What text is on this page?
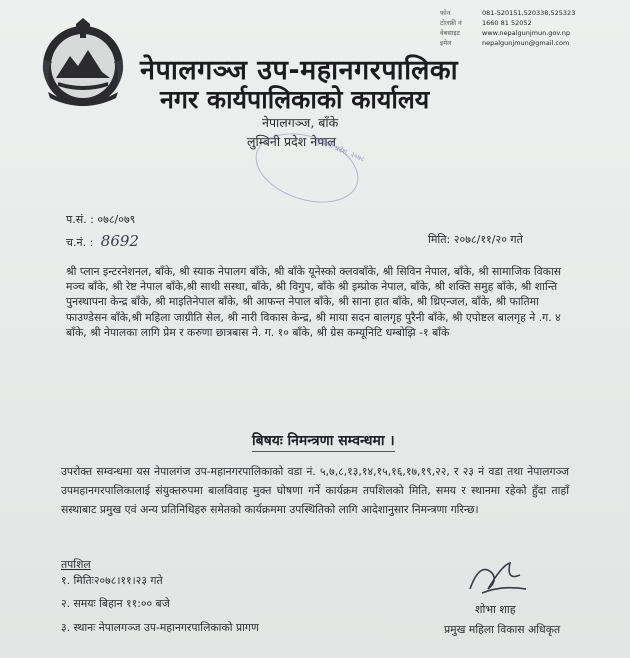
फोन	081-520151,520338,525323
टोलफ्री नं	1660 81 52052
वेबसाइट	www.nepalgunjmun.gov.np
इमेल	nepalgunjmun@gmail.com
नेपालगञ्ज उप-महानगरपालिका
नगर कार्यपालिकाको कार्यालय
नेपालगञ्ज, बाँके
लुम्बिनी प्रदेश नेपाल
लुम्बिनी प्रदेश, २०७८
प.सं. : ०७८/०७९
च.नं. : 8692	मिति: २०७८/११/२० गते
श्री प्लान इन्टरनेशनल, बाँके, श्री स्याक नेपालग बाँके, श्री बाँके यूनेस्को क्लवबाँके, श्री सिविन नेपाल, बाँके, श्री सामाजिक विकास मञ्च बाँके, श्री रेष्ट नेपाल बाँके,श्री साथी सस्था, बाँके, श्री विगुप, बाँके श्री इम्प्रोक नेपाल, बाँके, श्री शक्ति समुह बाँके, श्री शान्ति पुनस्थापना केन्द्र बाँके, श्री माइतिनेपाल बाँके, श्री आफन्त नेपाल बाँके, श्री साना हात बाँके, श्री थ्रिएन्जल, बाँके, श्री फातिमा फाउण्डेसन बाँके,श्री महिला जाग्रीति सेल, श्री नारी विकास केन्द्र, श्री माया सदन बालगृह पुरैनी बाँके, श्री एपोष्टल बालगृह ने .ग. ४ बाँके, श्री नेपालका लागि प्रेम र करुणा छात्रबास ने. ग. १० बाँके, श्री ग्रेस कम्यूनिटि धम्बोझि -१ बाँके
बिषयः निमन्त्रणा सम्वन्धमा ।
उपरोक्त सम्वन्धमा यस नेपालगंज उप-महानगरपालिकाको वडा नं. ५,७,८,१३,१४,१५,१६,१७,१९,२२, र २३ नं वडा तथा नेपालगञ्ज उपमहानगरपालिकालाई संयुक्तरुपमा बालविवाह मुक्त घोषणा गर्ने कार्यक्रम तपशिलको मिति, समय र स्थानमा रहेको हुँदा ताहाँ सस्थाबाट प्रमुख एवं अन्य प्रतिनिधिहरु समेतको कार्यक्रममा उपस्थितिको लागि आदेशानुसार निमन्त्रणा गरिन्छ।
तपशिल
१. मितिः२०७८।११।२३ गते
२. समयः बिहान ११:०० बजे
३. स्थानः नेपालगञ्ज उप-महानगरपालिकाको प्रागण
शोभा शाह
प्रमुख महिला विकास अधिकृत
